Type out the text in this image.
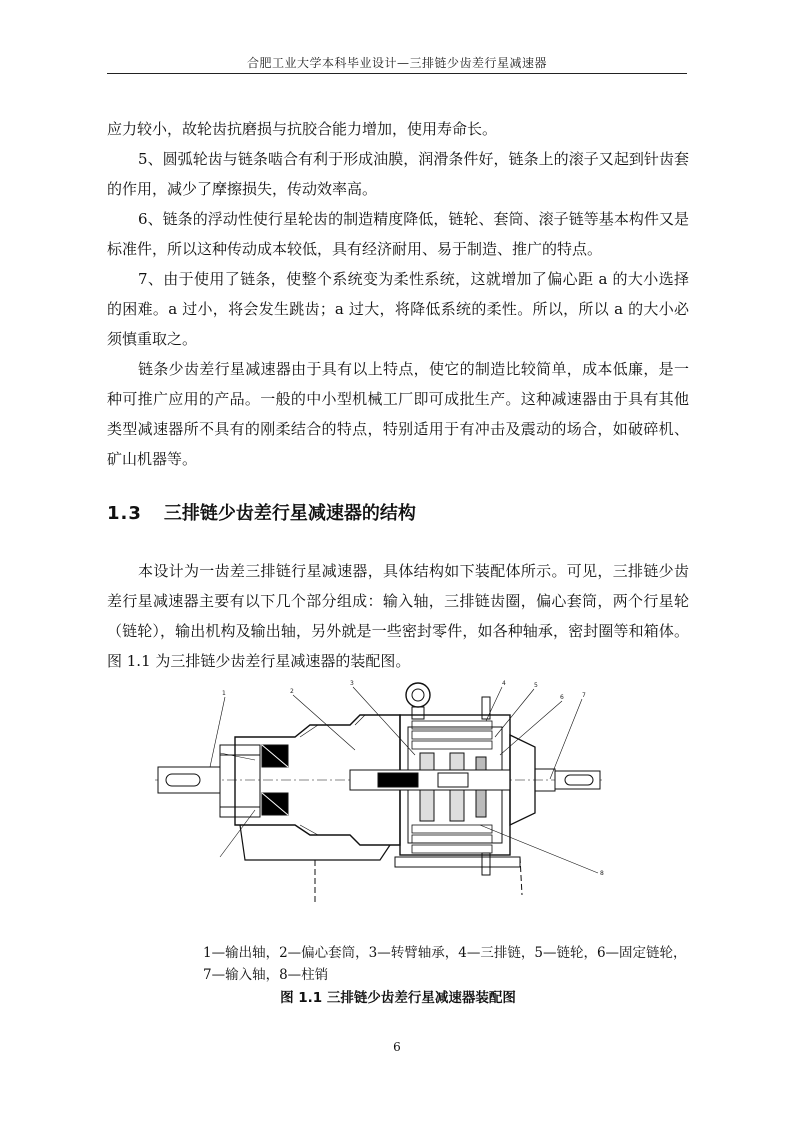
合肥工业大学本科毕业设计—三排链少齿差行星减速器

应力较小，故轮齿抗磨损与抗胶合能力增加，使用寿命长。

5、圆弧轮齿与链条啮合有利于形成油膜，润滑条件好，链条上的滚子又起到针齿套的作用，减少了摩擦损失，传动效率高。

6、链条的浮动性使行星轮齿的制造精度降低，链轮、套筒、滚子链等基本构件又是标准件，所以这种传动成本较低，具有经济耐用、易于制造、推广的特点。

7、由于使用了链条，使整个系统变为柔性系统，这就增加了偏心距 a 的大小选择的困难。a 过小，将会发生跳齿；a 过大，将降低系统的柔性。所以，所以 a 的大小必须慎重取之。

链条少齿差行星减速器由于具有以上特点，使它的制造比较简单，成本低廉，是一种可推广应用的产品。一般的中小型机械工厂即可成批生产。这种减速器由于具有其他类型减速器所不具有的刚柔结合的特点，特别适用于有冲击及震动的场合，如破碎机、矿山机器等。

1.3 三排链少齿差行星减速器的结构

本设计为一齿差三排链行星减速器，具体结构如下装配体所示。可见，三排链少齿差行星减速器主要有以下几个部分组成：输入轴，三排链齿圈，偏心套筒，两个行星轮（链轮），输出机构及输出轴，另外就是一些密封零件，如各种轴承，密封圈等和箱体。图 1.1 为三排链少齿差行星减速器的装配图。

1	2
3	4	5
6	7
8

1—输出轴，2—偏心套筒，3—转臂轴承，4—三排链，5—链轮，6—固定链轮，

7—输入轴，8—柱销

图 1.1 三排链少齿差行星减速器装配图
6
